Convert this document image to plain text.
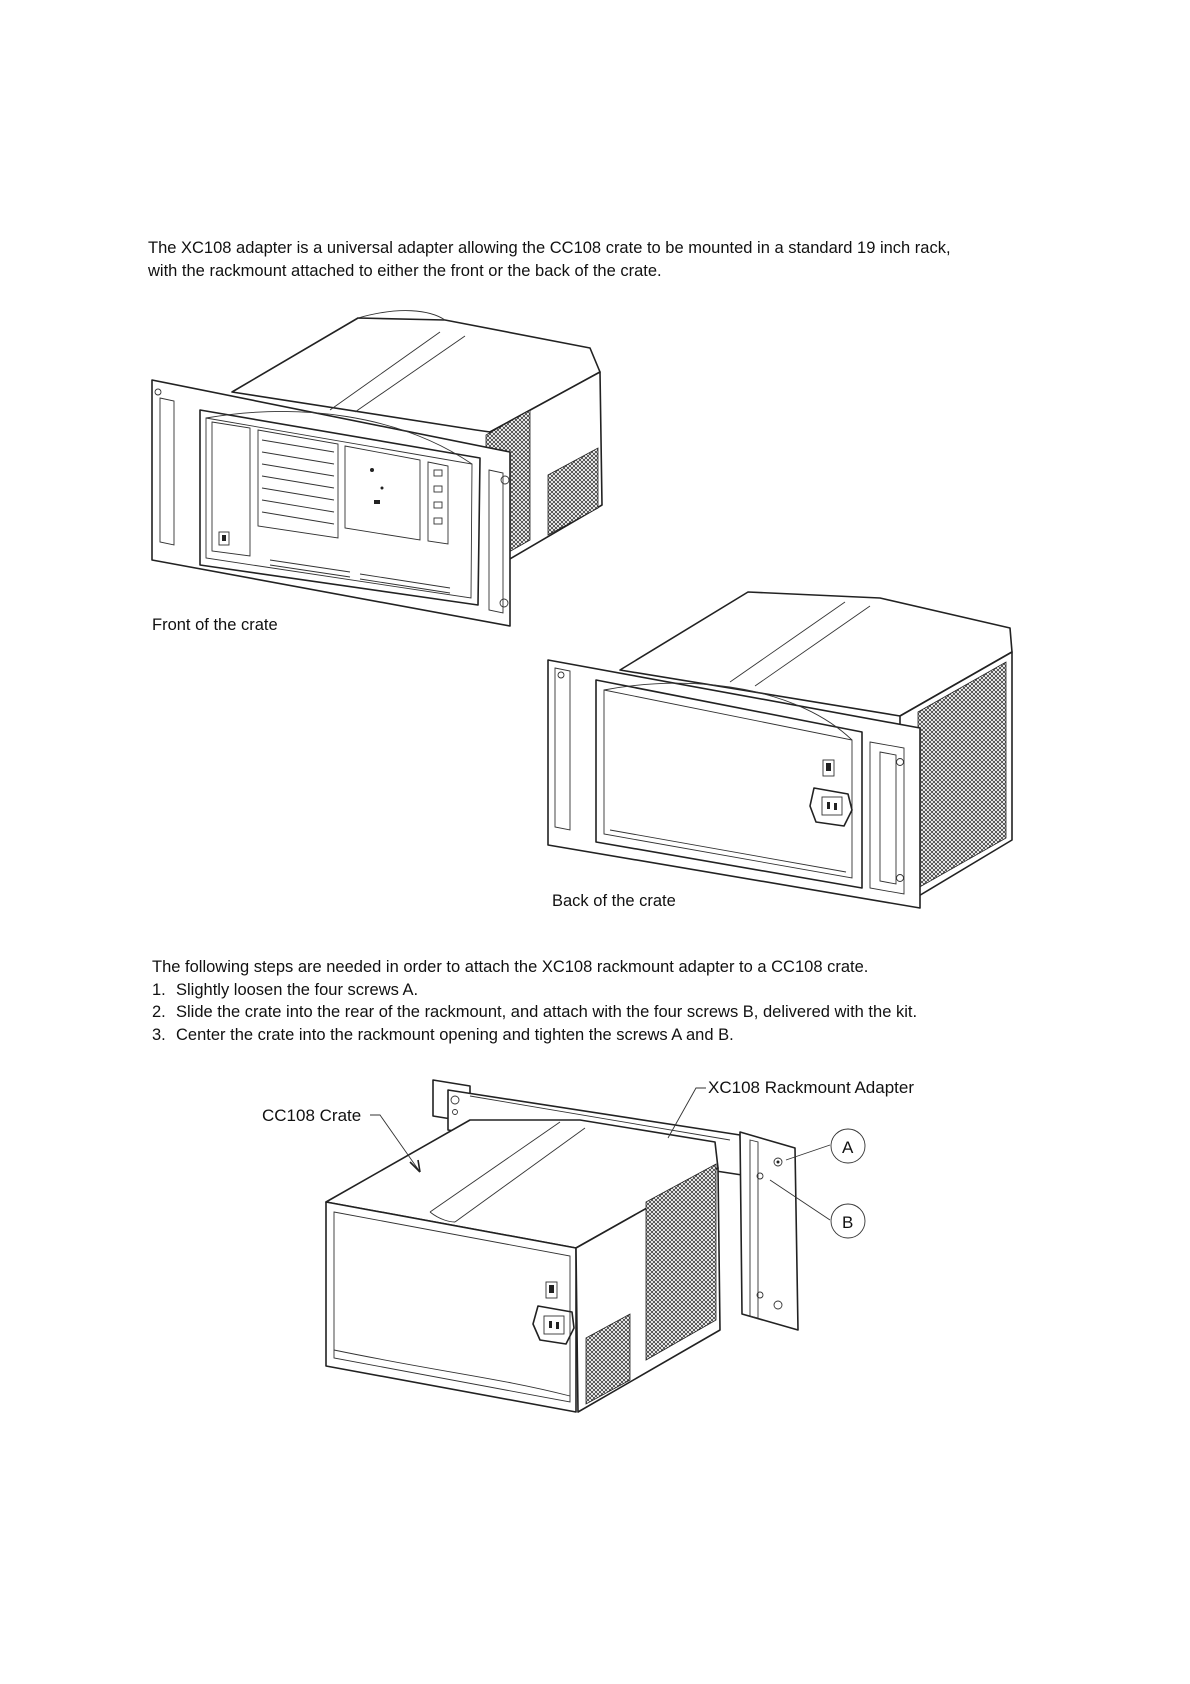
CC108 Crate
XC108 Rackmount Adapter
A
B
The XC108 adapter is a universal adapter allowing the CC108 crate to be mounted in a standard 19 inch rack,
with the rackmount attached to either the front or the back of the crate.
Front of the crate
Back of the crate
The following steps are needed in order to attach the XC108 rackmount adapter to a CC108 crate.
1. Slightly loosen the four screws A.
2. Slide the crate into the rear of the rackmount, and attach with the four screws B, delivered with the kit.
3. Center the crate into the rackmount opening and tighten the screws A and B.
